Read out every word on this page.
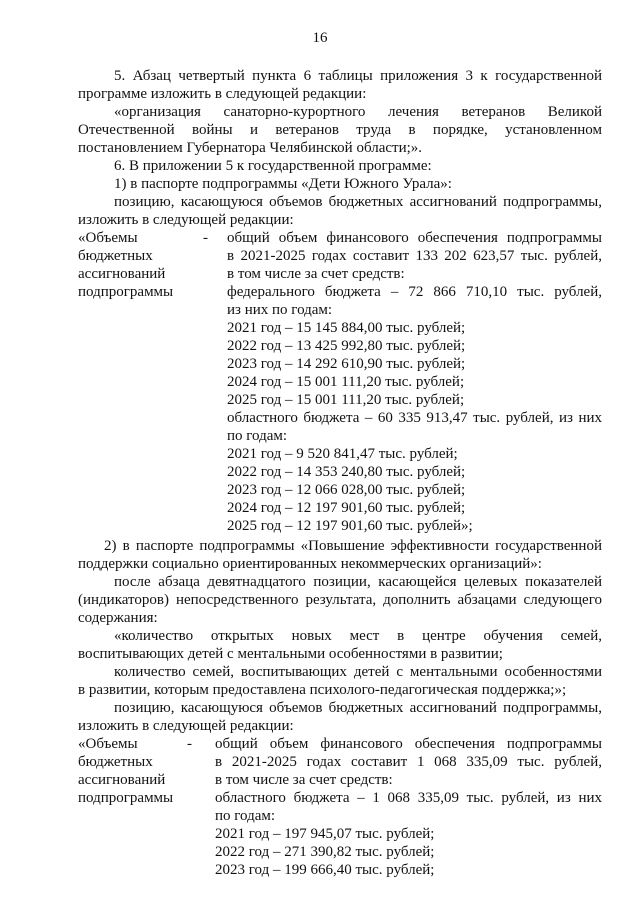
16
5. Абзац четвертый пункта 6 таблицы приложения 3 к государственной
программе изложить в следующей редакции:
«организация санаторно-курортного лечения ветеранов Великой
Отечественной войны и ветеранов труда в порядке, установленном
постановлением Губернатора Челябинской области;».
6. В приложении 5 к государственной программе:
1) в паспорте подпрограммы «Дети Южного Урала»:
позицию, касающуюся объемов бюджетных ассигнований подпрограммы,
изложить в следующей редакции:
«Объемы
бюджетных
ассигнований
подпрограммы
- общий объем финансового обеспечения подпрограммы
в 2021-2025 годах составит 133 202 623,57 тыс. рублей,
в том числе за счет средств:
федерального бюджета – 72 866 710,10 тыс. рублей,
из них по годам:
2021 год – 15 145 884,00 тыс. рублей;
2022 год – 13 425 992,80 тыс. рублей;
2023 год – 14 292 610,90 тыс. рублей;
2024 год – 15 001 111,20 тыс. рублей;
2025 год – 15 001 111,20 тыс. рублей;
областного бюджета – 60 335 913,47 тыс. рублей, из них
по годам:
2021 год – 9 520 841,47 тыс. рублей;
2022 год – 14 353 240,80 тыс. рублей;
2023 год – 12 066 028,00 тыс. рублей;
2024 год – 12 197 901,60 тыс. рублей;
2025 год – 12 197 901,60 тыс. рублей»;
2) в паспорте подпрограммы «Повышение эффективности государственной
поддержки социально ориентированных некоммерческих организаций»:
после абзаца девятнадцатого позиции, касающейся целевых показателей
(индикаторов) непосредственного результата, дополнить абзацами следующего
содержания:
«количество открытых новых мест в центре обучения семей,
воспитывающих детей с ментальными особенностями в развитии;
количество семей, воспитывающих детей с ментальными особенностями
в развитии, которым предоставлена психолого-педагогическая поддержка;»;
позицию, касающуюся объемов бюджетных ассигнований подпрограммы,
изложить в следующей редакции:
«Объемы
бюджетных
ассигнований
подпрограммы
- общий объем финансового обеспечения подпрограммы
в 2021-2025 годах составит 1 068 335,09 тыс. рублей,
в том числе за счет средств:
областного бюджета – 1 068 335,09 тыс. рублей, из них
по годам:
2021 год – 197 945,07 тыс. рублей;
2022 год – 271 390,82 тыс. рублей;
2023 год – 199 666,40 тыс. рублей;
